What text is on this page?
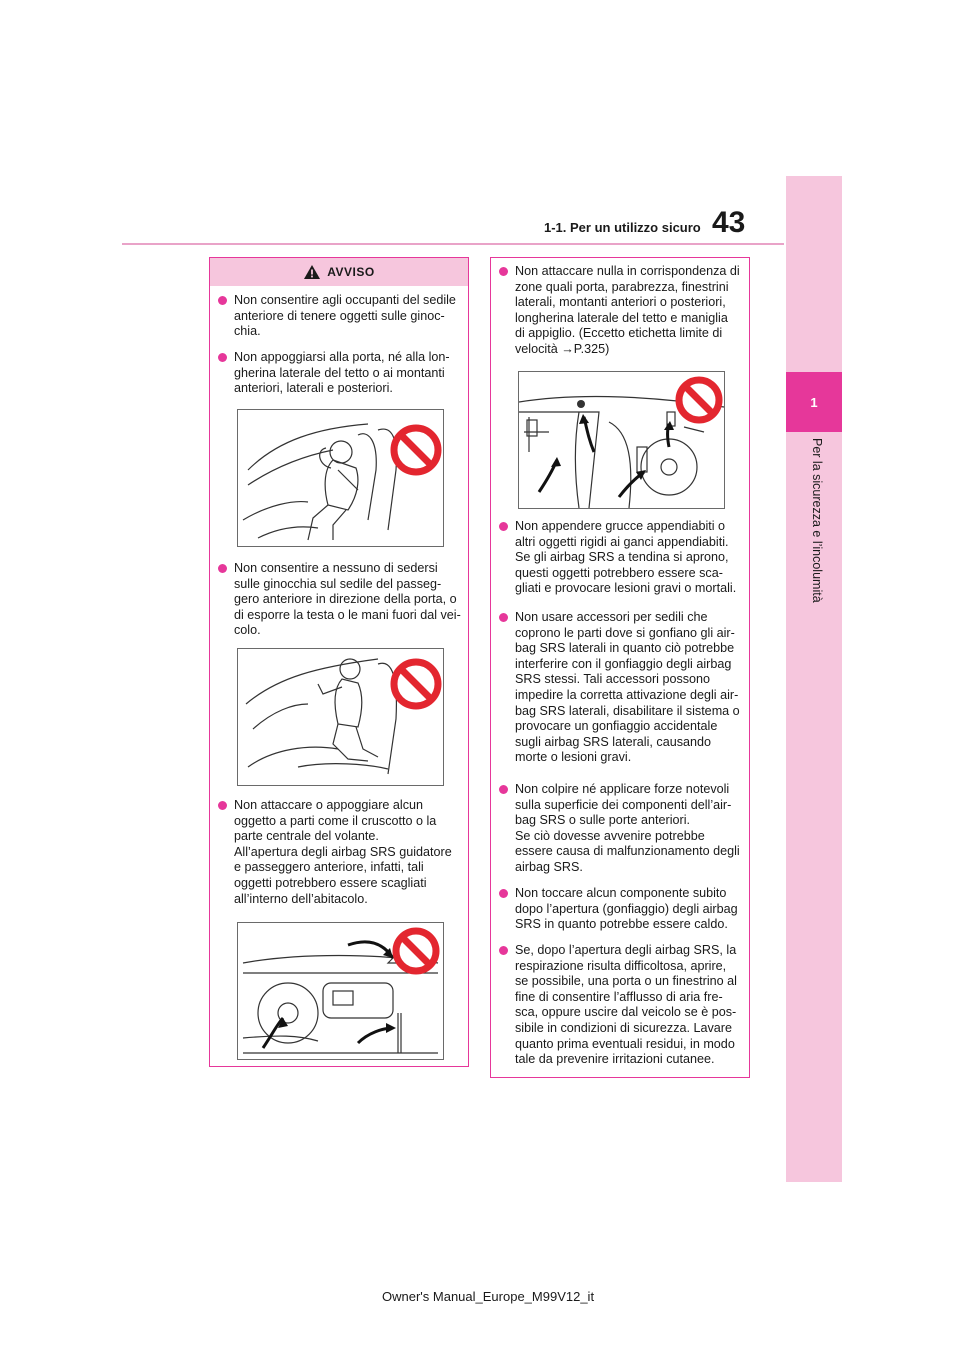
1-1. Per un utilizzo sicuro 43
1
Per la sicurezza e l’incolumità
AVVISO
Non consentire agli occupanti del sedile
anteriore di tenere oggetti sulle ginoc-
chia.
Non appoggiarsi alla porta, né alla lon-
gherina laterale del tetto o ai montanti
anteriori, laterali e posteriori.
Non consentire a nessuno di sedersi
sulle ginocchia sul sedile del passeg-
gero anteriore in direzione della porta, o
di esporre la testa o le mani fuori dal vei-
colo.
Non attaccare o appoggiare alcun
oggetto a parti come il cruscotto o la
parte centrale del volante.
All’apertura degli airbag SRS guidatore
e passeggero anteriore, infatti, tali
oggetti potrebbero essere scagliati
all’interno dell’abitacolo.
Non attaccare nulla in corrispondenza di
zone quali porta, parabrezza, finestrini
laterali, montanti anteriori o posteriori,
longherina laterale del tetto e maniglia
di appiglio. (Eccetto etichetta limite di
velocità →P.325)
Non appendere grucce appendiabiti o
altri oggetti rigidi ai ganci appendiabiti.
Se gli airbag SRS a tendina si aprono,
questi oggetti potrebbero essere sca-
gliati e provocare lesioni gravi o mortali.
Non usare accessori per sedili che
coprono le parti dove si gonfiano gli air-
bag SRS laterali in quanto ciò potrebbe
interferire con il gonfiaggio degli airbag
SRS stessi. Tali accessori possono
impedire la corretta attivazione degli air-
bag SRS laterali, disabilitare il sistema o
provocare un gonfiaggio accidentale
sugli airbag SRS laterali, causando
morte o lesioni gravi.
Non colpire né applicare forze notevoli
sulla superficie dei componenti dell’air-
bag SRS o sulle porte anteriori.
Se ciò dovesse avvenire potrebbe
essere causa di malfunzionamento degli
airbag SRS.
Non toccare alcun componente subito
dopo l’apertura (gonfiaggio) degli airbag
SRS in quanto potrebbe essere caldo.
Se, dopo l’apertura degli airbag SRS, la
respirazione risulta difficoltosa, aprire,
se possibile, una porta o un finestrino al
fine di consentire l’afflusso di aria fre-
sca, oppure uscire dal veicolo se è pos-
sibile in condizioni di sicurezza. Lavare
quanto prima eventuali residui, in modo
tale da prevenire irritazioni cutanee.
Owner's Manual_Europe_M99V12_it
